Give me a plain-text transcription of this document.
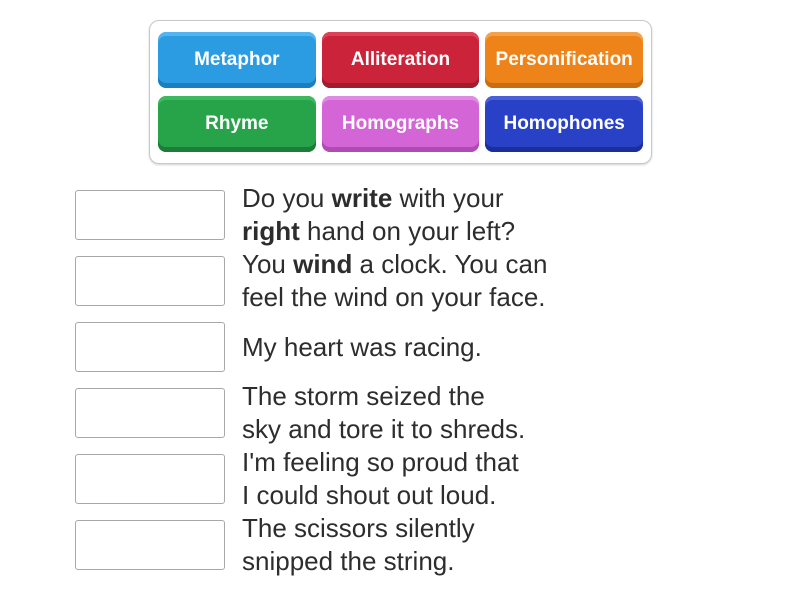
Metaphor	Alliteration	Personification
Rhyme	Homographs	Homophones
Do you write with your
right hand on your left?
You wind a clock. You can
feel the wind on your face.
My heart was racing.
The storm seized the
sky and tore it to shreds.
I'm feeling so proud that
I could shout out loud.
The scissors silently
snipped the string.
